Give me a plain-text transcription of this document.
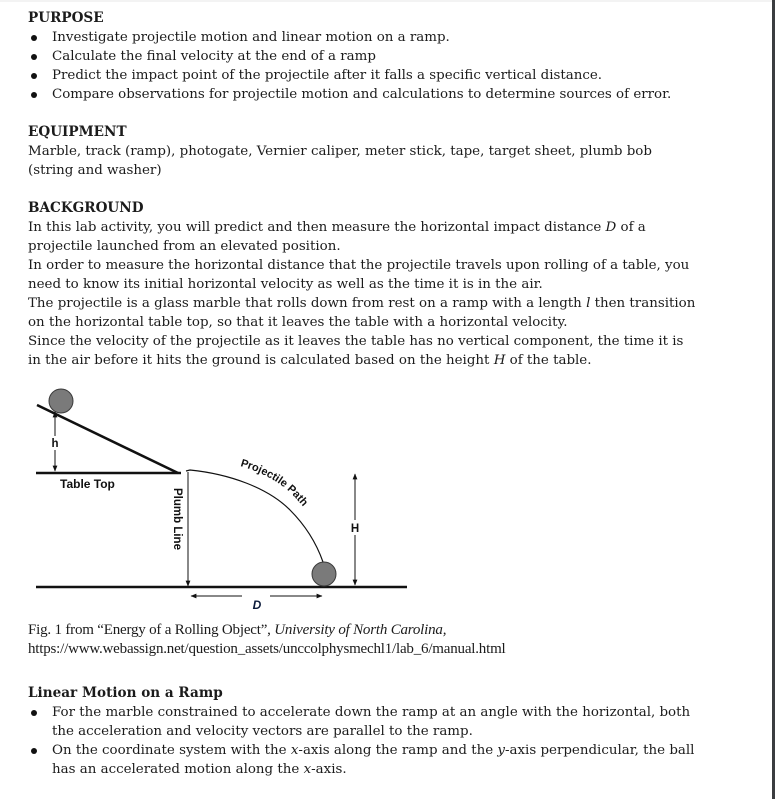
PURPOSE
Investigate projectile motion and linear motion on a ramp.
Calculate the final velocity at the end of a ramp
Predict the impact point of the projectile after it falls a specific vertical distance.
Compare observations for projectile motion and calculations to determine sources of error.
EQUIPMENT

Marble, track (ramp), photogate, Vernier caliper, meter stick, tape, target sheet, plumb bob (string and washer)

BACKGROUND

In this lab activity, you will predict and then measure the horizontal impact distance D of a projectile launched from an elevated position.

In order to measure the horizontal distance that the projectile travels upon rolling of a table, you need to know its initial horizontal velocity as well as the time it is in the air.

The projectile is a glass marble that rolls down from rest on a ramp with a length l then transition on the horizontal table top, so that it leaves the table with a horizontal velocity.

Since the velocity of the projectile as it leaves the table has no vertical component, the time it is in the air before it hits the ground is calculated based on the height H of the table.

h
Table Top
Plumb Line
Projectile Path
H
D
Fig. 1 from “Energy of a Rolling Object”, University of North Carolina,
https://www.webassign.net/question_assets/unccolphysmechl1/lab_6/manual.html
Linear Motion on a Ramp
For the marble constrained to accelerate down the ramp at an angle with the horizontal, both the acceleration and velocity vectors are parallel to the ramp.
On the coordinate system with the x-axis along the ramp and the y-axis perpendicular, the ball has an accelerated motion along the x-axis.
